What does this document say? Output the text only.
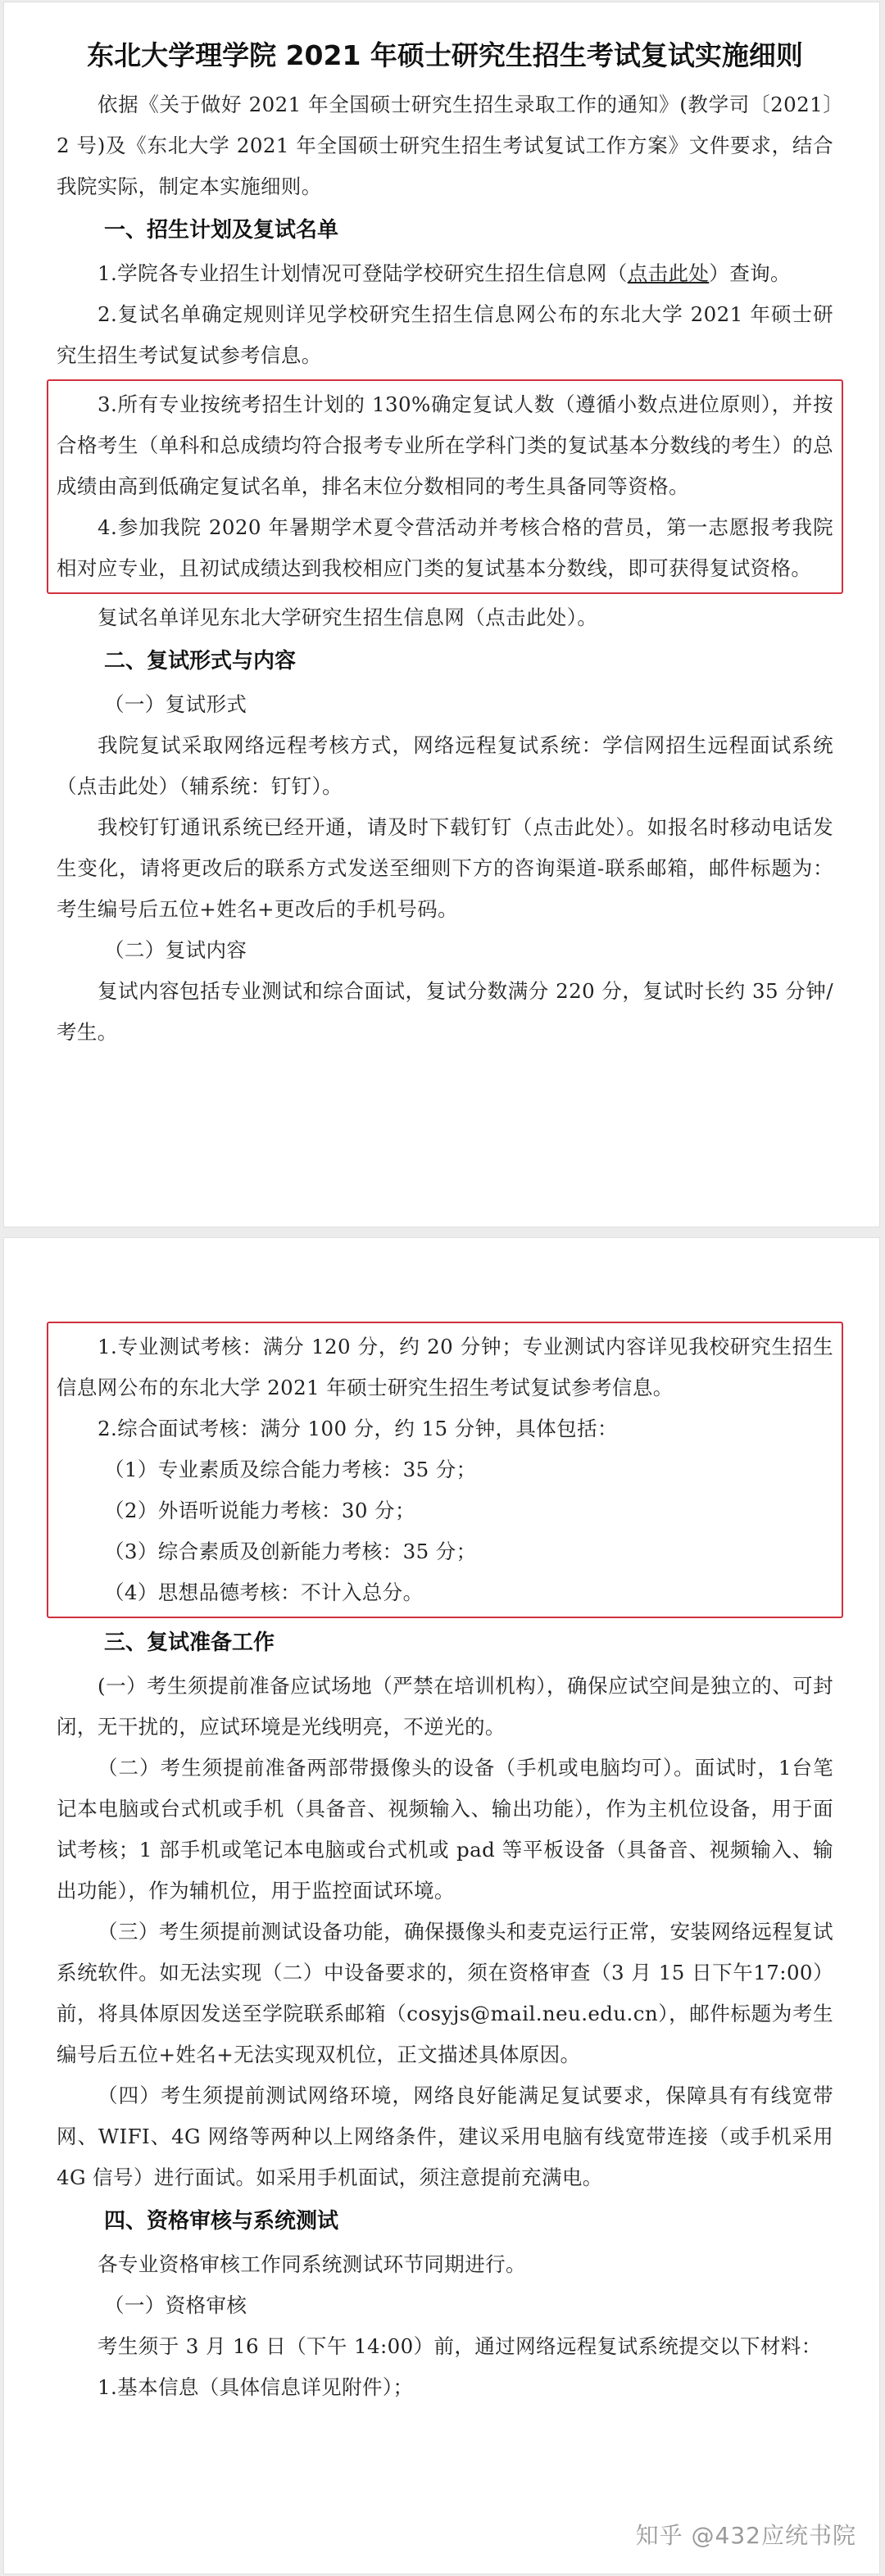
东北大学理学院 2021 年硕士研究生招生考试复试实施细则

依据《关于做好 2021 年全国硕士研究生招生录取工作的通知》(教学司〔2021〕2 号)及《东北大学 2021 年全国硕士研究生招生考试复试工作方案》文件要求，结合我院实际，制定本实施细则。

一、招生计划及复试名单

1.学院各专业招生计划情况可登陆学校研究生招生信息网（点击此处）查询。

2.复试名单确定规则详见学校研究生招生信息网公布的东北大学 2021 年硕士研究生招生考试复试参考信息。

3.所有专业按统考招生计划的 130%确定复试人数（遵循小数点进位原则），并按合格考生（单科和总成绩均符合报考专业所在学科门类的复试基本分数线的考生）的总成绩由高到低确定复试名单，排名末位分数相同的考生具备同等资格。

4.参加我院 2020 年暑期学术夏令营活动并考核合格的营员，第一志愿报考我院相对应专业，且初试成绩达到我校相应门类的复试基本分数线，即可获得复试资格。

复试名单详见东北大学研究生招生信息网（点击此处）。

二、复试形式与内容

（一）复试形式

我院复试采取网络远程考核方式，网络远程复试系统：学信网招生远程面试系统（点击此处）（辅系统：钉钉）。

我校钉钉通讯系统已经开通，请及时下载钉钉（点击此处）。如报名时移动电话发生变化，请将更改后的联系方式发送至细则下方的咨询渠道-联系邮箱，邮件标题为：考生编号后五位+姓名+更改后的手机号码。

（二）复试内容

复试内容包括专业测试和综合面试，复试分数满分 220 分，复试时长约 35 分钟/考生。

1.专业测试考核：满分 120 分，约 20 分钟；专业测试内容详见我校研究生招生信息网公布的东北大学 2021 年硕士研究生招生考试复试参考信息。

2.综合面试考核：满分 100 分，约 15 分钟，具体包括：

（1）专业素质及综合能力考核：35 分；

（2）外语听说能力考核：30 分；

（3）综合素质及创新能力考核：35 分；

（4）思想品德考核：不计入总分。

三、复试准备工作

(一）考生须提前准备应试场地（严禁在培训机构），确保应试空间是独立的、可封闭，无干扰的，应试环境是光线明亮，不逆光的。

（二）考生须提前准备两部带摄像头的设备（手机或电脑均可）。面试时，1台笔记本电脑或台式机或手机（具备音、视频输入、输出功能），作为主机位设备，用于面试考核；1 部手机或笔记本电脑或台式机或 pad 等平板设备（具备音、视频输入、输出功能），作为辅机位，用于监控面试环境。

（三）考生须提前测试设备功能，确保摄像头和麦克运行正常，安装网络远程复试系统软件。如无法实现（二）中设备要求的，须在资格审查（3 月 15 日下午17:00）前，将具体原因发送至学院联系邮箱（cosyjs@mail.neu.edu.cn），邮件标题为考生编号后五位+姓名+无法实现双机位，正文描述具体原因。

（四）考生须提前测试网络环境，网络良好能满足复试要求，保障具有有线宽带网、WIFI、4G 网络等两种以上网络条件，建议采用电脑有线宽带连接（或手机采用 4G 信号）进行面试。如采用手机面试，须注意提前充满电。

四、资格审核与系统测试

各专业资格审核工作同系统测试环节同期进行。

（一）资格审核

考生须于 3 月 16 日（下午 14:00）前，通过网络远程复试系统提交以下材料：

1.基本信息（具体信息详见附件）；

知乎 @432应统书院
